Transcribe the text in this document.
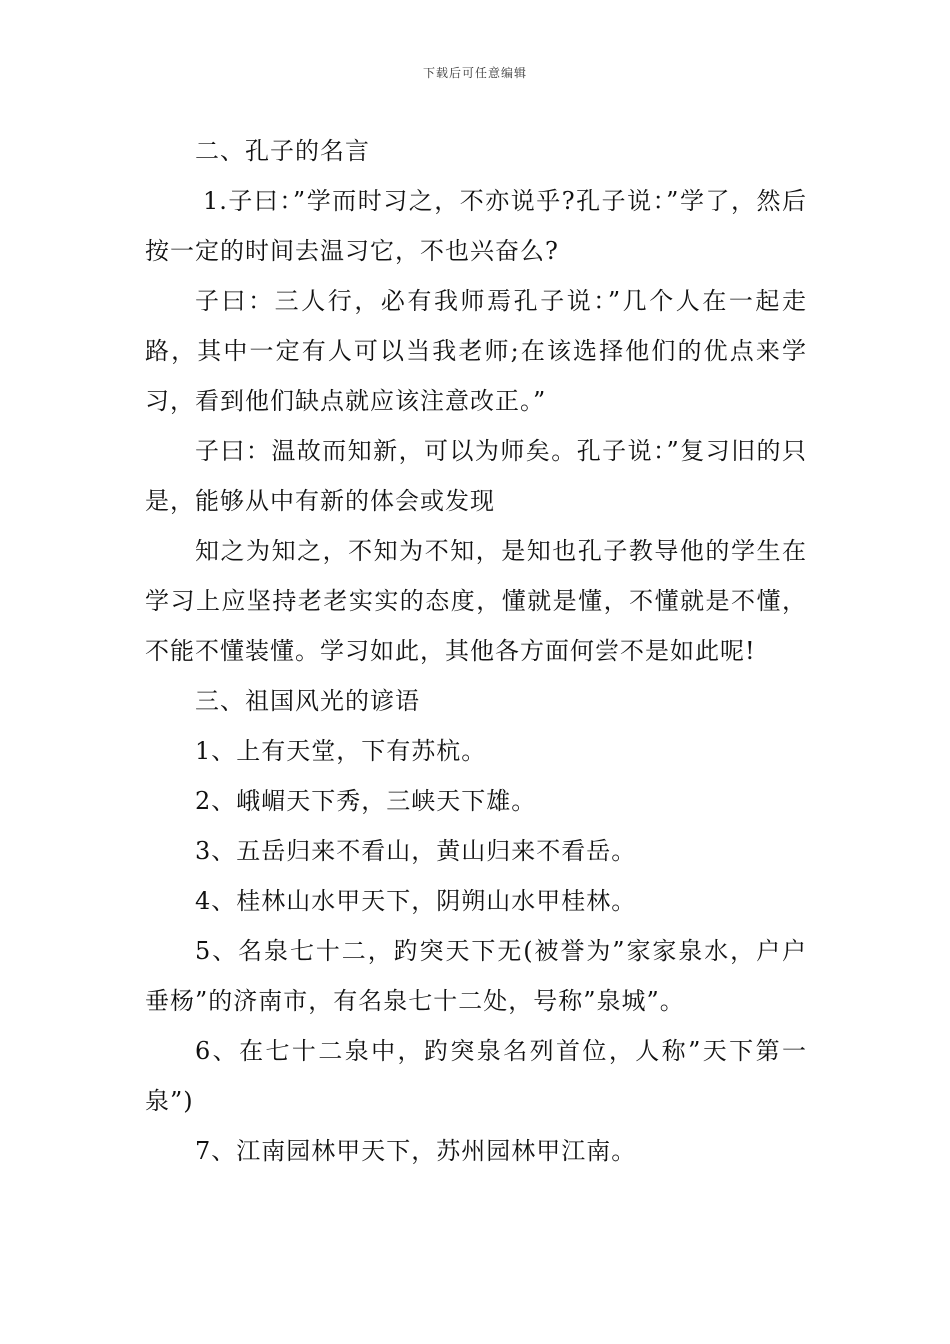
下载后可任意编辑

二、孔子的名言

1.子曰：”学而时习之，不亦说乎?孔子说：”学了，然后按一定的时间去温习它，不也兴奋么?

子曰：三人行，必有我师焉孔子说：”几个人在一起走路，其中一定有人可以当我老师;在该选择他们的优点来学习，看到他们缺点就应该注意改正。”

子曰：温故而知新，可以为师矣。孔子说：”复习旧的只是，能够从中有新的体会或发现

知之为知之，不知为不知，是知也孔子教导他的学生在学习上应坚持老老实实的态度，懂就是懂，不懂就是不懂，不能不懂装懂。学习如此，其他各方面何尝不是如此呢!

三、祖国风光的谚语

1、上有天堂，下有苏杭。

2、峨嵋天下秀，三峡天下雄。

3、五岳归来不看山，黄山归来不看岳。

4、桂林山水甲天下，阴朔山水甲桂林。

5、名泉七十二，趵突天下无(被誉为”家家泉水，户户垂杨”的济南市，有名泉七十二处，号称”泉城”。

6、在七十二泉中，趵突泉名列首位，人称”天下第一泉”)

7、江南园林甲天下，苏州园林甲江南。
